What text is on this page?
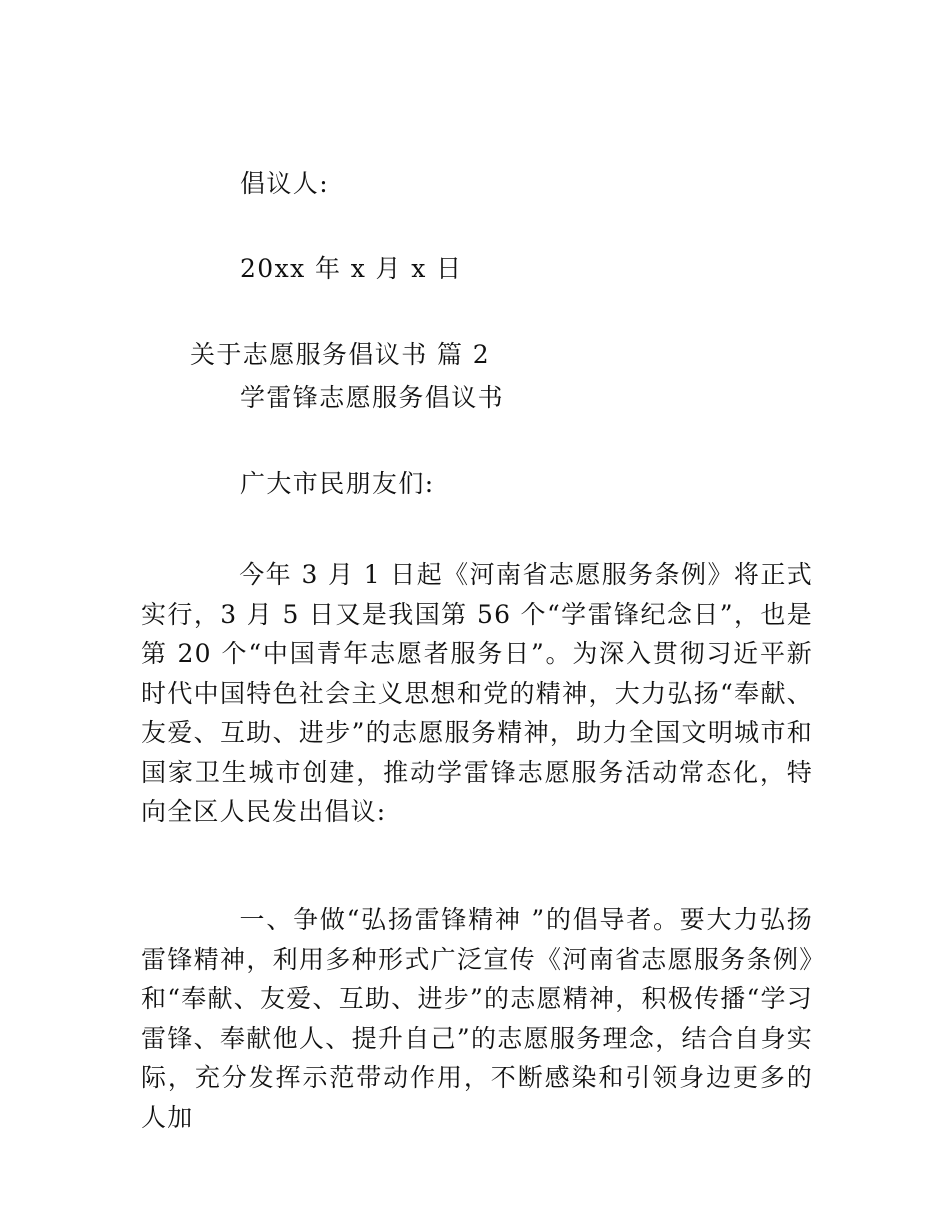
倡议人:
20xx 年 x 月 x 日
关于志愿服务倡议书 篇 2
学雷锋志愿服务倡议书
广大市民朋友们:
今年 3 月 1 日起《河南省志愿服务条例》将正式实行，3 月 5 日又是我国第 56 个“学雷锋纪念日”，也是第 20 个“中国青年志愿者服务日”。为深入贯彻习近平新时代中国特色社会主义思想和党的精神，大力弘扬“奉献、友爱、互助、进步”的志愿服务精神，助力全国文明城市和国家卫生城市创建，推动学雷锋志愿服务活动常态化，特向全区人民发出倡议:
一、争做“弘扬雷锋精神 ”的倡导者。要大力弘扬雷锋精神，利用多种形式广泛宣传《河南省志愿服务条例》和“奉献、友爱、互助、进步”的志愿精神，积极传播“学习雷锋、奉献他人、提升自己”的志愿服务理念，结合自身实际，充分发挥示范带动作用，不断感染和引领身边更多的人加
